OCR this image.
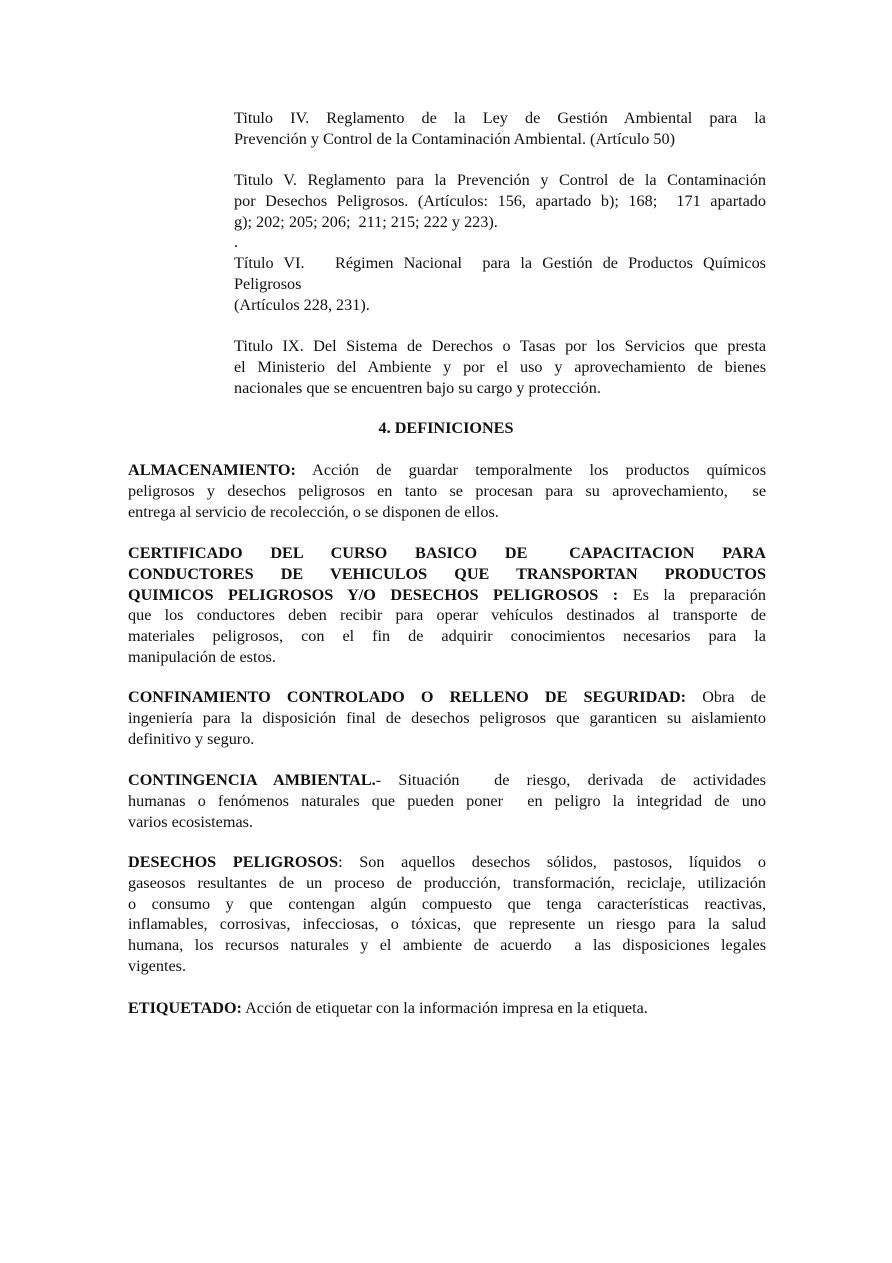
Titulo IV. Reglamento de la Ley de Gestión Ambiental para la
Prevención y Control de la Contaminación Ambiental. (Artículo 50)
Titulo V. Reglamento para la Prevención y Control de la Contaminación
por Desechos Peligrosos. (Artículos: 156, apartado b); 168;  171 apartado
g); 202; 205; 206;  211; 215; 222 y 223).
.
Título VI.   Régimen Nacional  para la Gestión de Productos Químicos
Peligrosos
(Artículos 228, 231).
Titulo IX. Del Sistema de Derechos o Tasas por los Servicios que presta
el Ministerio del Ambiente y por el uso y aprovechamiento de bienes
nacionales que se encuentren bajo su cargo y protección.
4. DEFINICIONES
ALMACENAMIENTO: Acción de guardar temporalmente los productos químicos
peligrosos y desechos peligrosos en tanto se procesan para su aprovechamiento,  se
entrega al servicio de recolección, o se disponen de ellos.
CERTIFICADO  DEL  CURSO  BASICO  DE   CAPACITACION  PARA
CONDUCTORES  DE  VEHICULOS  QUE  TRANSPORTAN  PRODUCTOS
QUIMICOS PELIGROSOS Y/O DESECHOS PELIGROSOS : Es la preparación
que los conductores deben recibir para operar vehículos destinados al transporte de
materiales peligrosos, con el fin de adquirir conocimientos necesarios para la
manipulación de estos.
CONFINAMIENTO CONTROLADO O RELLENO DE SEGURIDAD: Obra de
ingeniería para la disposición final de desechos peligrosos que garanticen su aislamiento
definitivo y seguro.
CONTINGENCIA AMBIENTAL.- Situación  de riesgo, derivada de actividades
humanas o fenómenos naturales que pueden poner  en peligro la integridad de uno
varios ecosistemas.
DESECHOS PELIGROSOS: Son aquellos desechos sólidos, pastosos, líquidos o
gaseosos resultantes de un proceso de producción, transformación, reciclaje, utilización
o consumo y que contengan algún compuesto que tenga características reactivas,
inflamables, corrosivas, infecciosas, o tóxicas, que represente un riesgo para la salud
humana, los recursos naturales y el ambiente de acuerdo  a las disposiciones legales
vigentes.
ETIQUETADO: Acción de etiquetar con la información impresa en la etiqueta.
